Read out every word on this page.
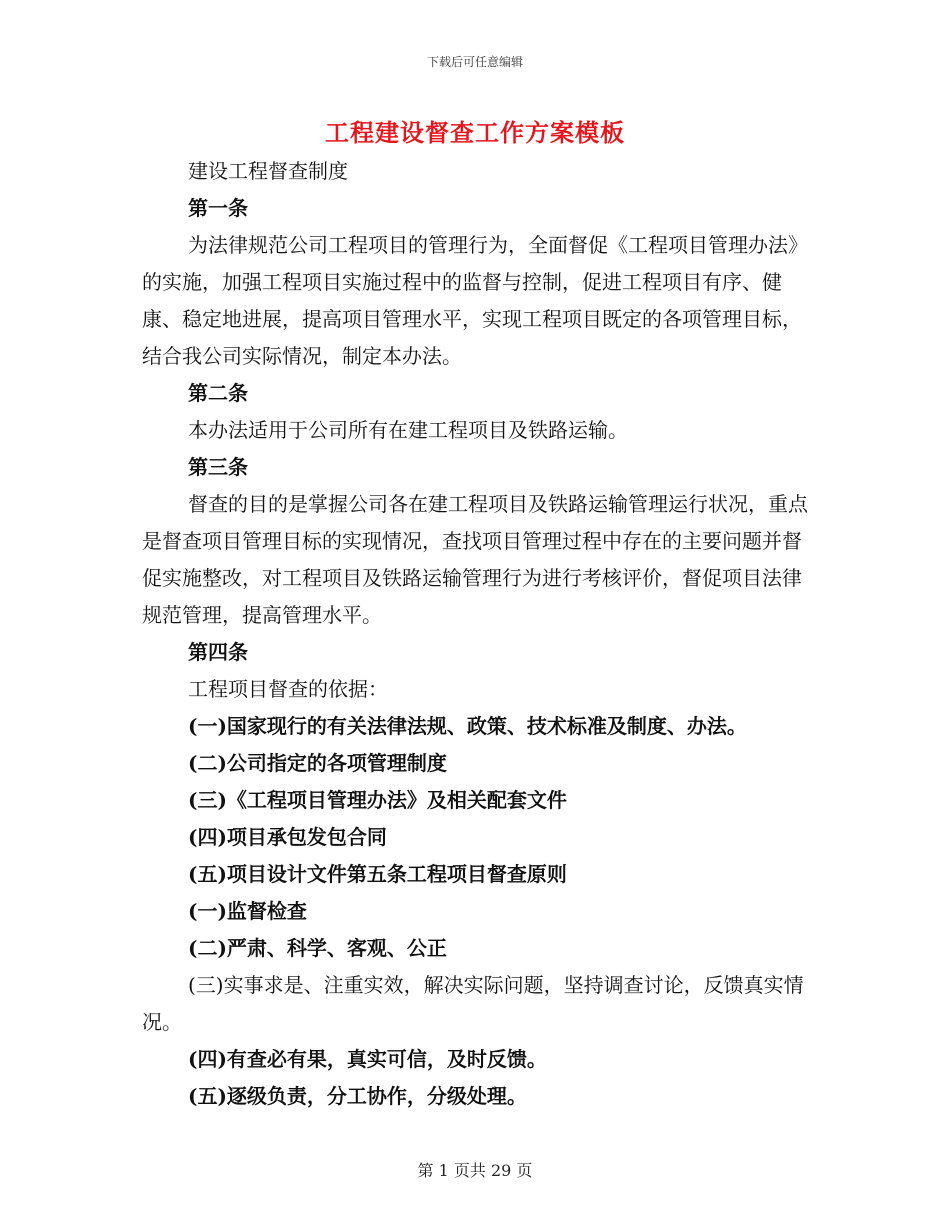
下载后可任意编辑
工程建设督查工作方案模板

建设工程督查制度

第一条

为法律规范公司工程项目的管理行为，全面督促《工程项目管理办法》的实施，加强工程项目实施过程中的监督与控制，促进工程项目有序、健康、稳定地进展，提高项目管理水平，实现工程项目既定的各项管理目标，结合我公司实际情况，制定本办法。

第二条

本办法适用于公司所有在建工程项目及铁路运输。

第三条

督查的目的是掌握公司各在建工程项目及铁路运输管理运行状况，重点是督查项目管理目标的实现情况，查找项目管理过程中存在的主要问题并督促实施整改，对工程项目及铁路运输管理行为进行考核评价，督促项目法律规范管理，提高管理水平。

第四条

工程项目督查的依据：

(一)国家现行的有关法律法规、政策、技术标准及制度、办法。

(二)公司指定的各项管理制度

(三)《工程项目管理办法》及相关配套文件

(四)项目承包发包合同

(五)项目设计文件第五条工程项目督查原则

(一)监督检查

(二)严肃、科学、客观、公正

(三)实事求是、注重实效，解决实际问题，坚持调查讨论，反馈真实情况。

(四)有查必有果，真实可信，及时反馈。

(五)逐级负责，分工协作，分级处理。

第 1 页共 29 页
